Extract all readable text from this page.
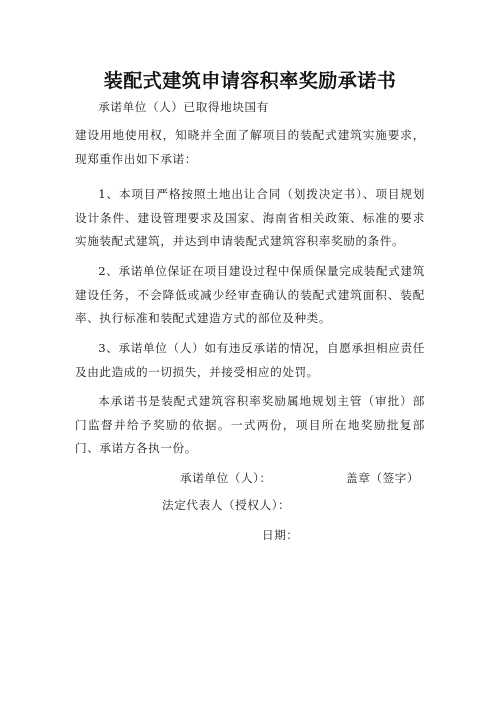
装配式建筑申请容积率奖励承诺书

承诺单位（人）已取得地块国有

建设用地使用权，知晓并全面了解项目的装配式建筑实施要求，现郑重作出如下承诺：

1、本项目严格按照土地出让合同（划拨决定书）、项目规划设计条件、建设管理要求及国家、海南省相关政策、标准的要求实施装配式建筑，并达到申请装配式建筑容积率奖励的条件。

2、承诺单位保证在项目建设过程中保质保量完成装配式建筑建设任务，不会降低或减少经审查确认的装配式建筑面积、装配率、执行标准和装配式建造方式的部位及种类。

3、承诺单位（人）如有违反承诺的情况，自愿承担相应责任及由此造成的一切损失，并接受相应的处罚。

本承诺书是装配式建筑容积率奖励属地规划主管（审批）部门监督并给予奖励的依据。一式两份，项目所在地奖励批复部门、承诺方各执一份。

承诺单位（人）：	盖章（签字）
法定代表人（授权人）：
日期：
